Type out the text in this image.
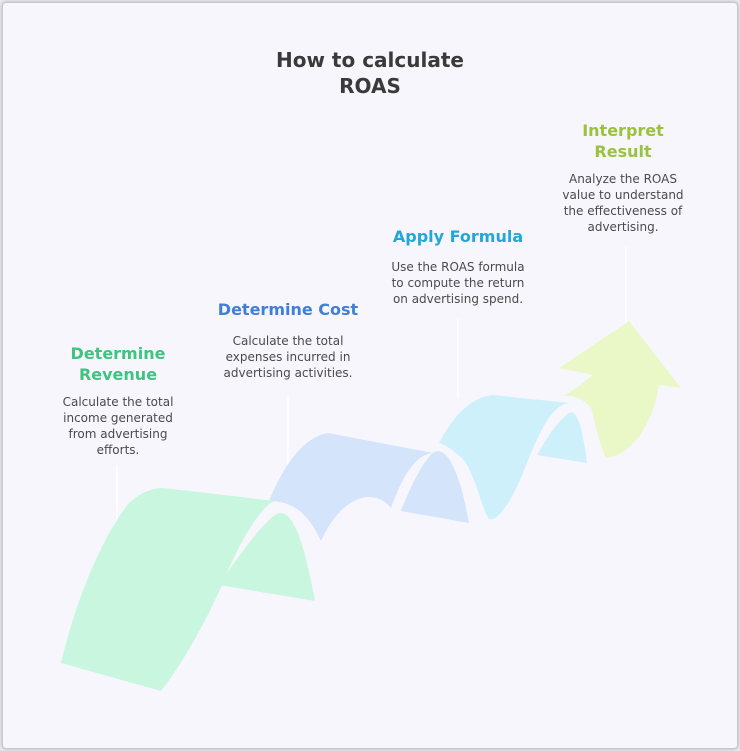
How to calculate
ROAS
Determine
Revenue
Calculate the total
income generated
from advertising
efforts.
Determine Cost
Calculate the total
expenses incurred in
advertising activities.
Apply Formula
Use the ROAS formula
to compute the return
on advertising spend.
Interpret
Result
Analyze the ROAS
value to understand
the effectiveness of
advertising.
